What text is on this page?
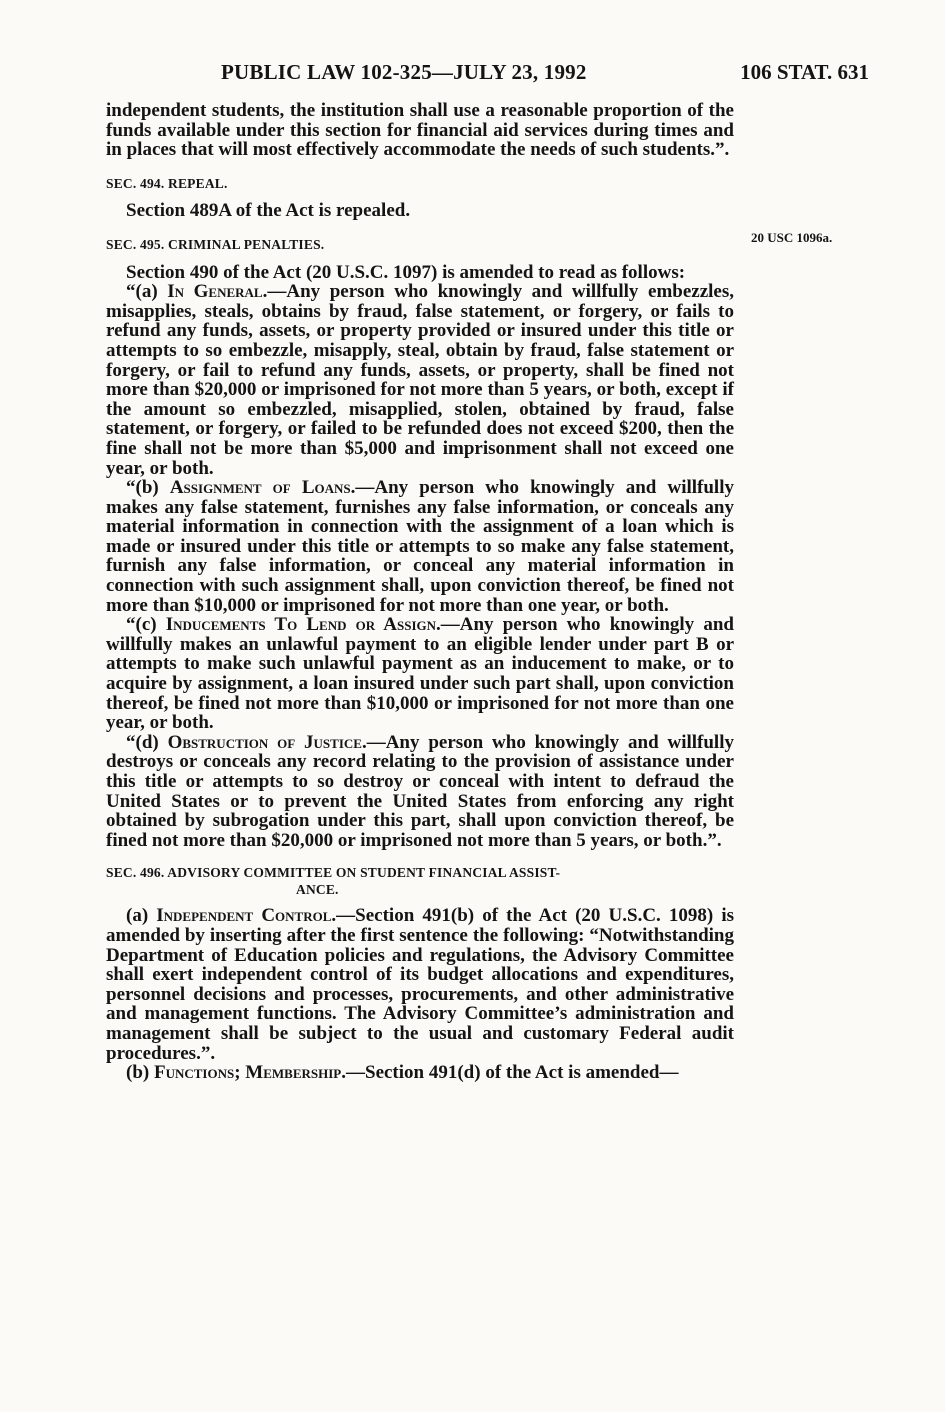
PUBLIC LAW 102-325—JULY 23, 1992	106 STAT. 631
20 USC 1096a.

independent students, the institution shall use a reasonable proportion of the funds available under this section for financial aid services during times and in places that will most effectively accommodate the needs of such students.”.

SEC. 494. REPEAL.

Section 489A of the Act is repealed.

SEC. 495. CRIMINAL PENALTIES.

Section 490 of the Act (20 U.S.C. 1097) is amended to read as follows:

“(a) In General.—Any person who knowingly and willfully embezzles, misapplies, steals, obtains by fraud, false statement, or forgery, or fails to refund any funds, assets, or property provided or insured under this title or attempts to so embezzle, misapply, steal, obtain by fraud, false statement or forgery, or fail to refund any funds, assets, or property, shall be fined not more than $20,000 or imprisoned for not more than 5 years, or both, except if the amount so embezzled, misapplied, stolen, obtained by fraud, false statement, or forgery, or failed to be refunded does not exceed $200, then the fine shall not be more than $5,000 and imprisonment shall not exceed one year, or both.

“(b) Assignment of Loans.—Any person who knowingly and willfully makes any false statement, furnishes any false information, or conceals any material information in connection with the assignment of a loan which is made or insured under this title or attempts to so make any false statement, furnish any false information, or conceal any material information in connection with such assignment shall, upon conviction thereof, be fined not more than $10,000 or imprisoned for not more than one year, or both.

“(c) Inducements To Lend or Assign.—Any person who knowingly and willfully makes an unlawful payment to an eligible lender under part B or attempts to make such unlawful payment as an inducement to make, or to acquire by assignment, a loan insured under such part shall, upon conviction thereof, be fined not more than $10,000 or imprisoned for not more than one year, or both.

“(d) Obstruction of Justice.—Any person who knowingly and willfully destroys or conceals any record relating to the provision of assistance under this title or attempts to so destroy or conceal with intent to defraud the United States or to prevent the United States from enforcing any right obtained by subrogation under this part, shall upon conviction thereof, be fined not more than $20,000 or imprisoned not more than 5 years, or both.”.

SEC. 496. ADVISORY COMMITTEE ON STUDENT FINANCIAL ASSIST-
ANCE.

(a) Independent Control.—Section 491(b) of the Act (20 U.S.C. 1098) is amended by inserting after the first sentence the following: “Notwithstanding Department of Education policies and regulations, the Advisory Committee shall exert independent control of its budget allocations and expenditures, personnel decisions and processes, procurements, and other administrative and management functions. The Advisory Committee’s administration and management shall be subject to the usual and customary Federal audit procedures.”.

(b) Functions; Membership.—Section 491(d) of the Act is amended—
